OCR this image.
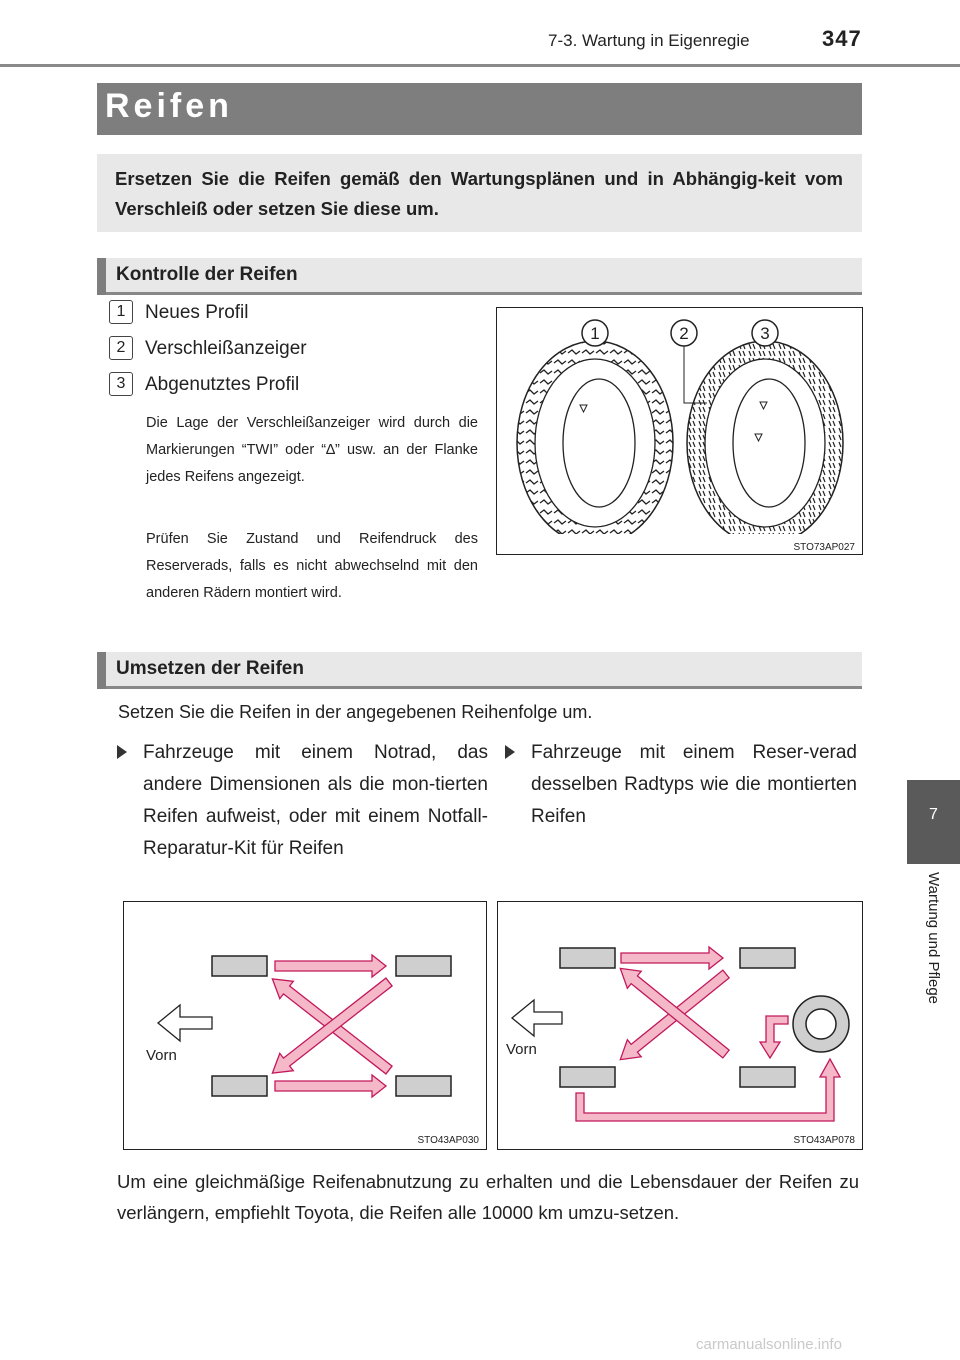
7-3. Wartung in Eigenregie	347
7
Wartung und Pflege
Reifen

Ersetzen Sie die Reifen gemäß den Wartungsplänen und in Abhängig-keit vom Verschleiß oder setzen Sie diese um.

Kontrolle der Reifen
1	Neues Profil
2	Verschleißanzeiger
3	Abgenutztes Profil

Die Lage der Verschleißanzeiger wird durch die Markierungen “TWI” oder “∆” usw. an der Flanke jedes Reifens angezeigt.

Prüfen Sie Zustand und Reifendruck des Reserverads, falls es nicht abwechselnd mit den anderen Rädern montiert wird.

1	2	3
STO73AP027
Umsetzen der Reifen
Setzen Sie die Reifen in der angegebenen Reihenfolge um.
Fahrzeuge mit einem Notrad, das andere Dimensionen als die mon-tierten Reifen aufweist, oder mit einem Notfall-Reparatur-Kit für Reifen
Fahrzeuge mit einem Reser-verad desselben Radtyps wie die montierten Reifen
Vorn
STO43AP030
Vorn
STO43AP078

Um eine gleichmäßige Reifenabnutzung zu erhalten und die Lebensdauer der Reifen zu verlängern, empfiehlt Toyota, die Reifen alle 10000 km umzu-setzen.

carmanualsonline.info
